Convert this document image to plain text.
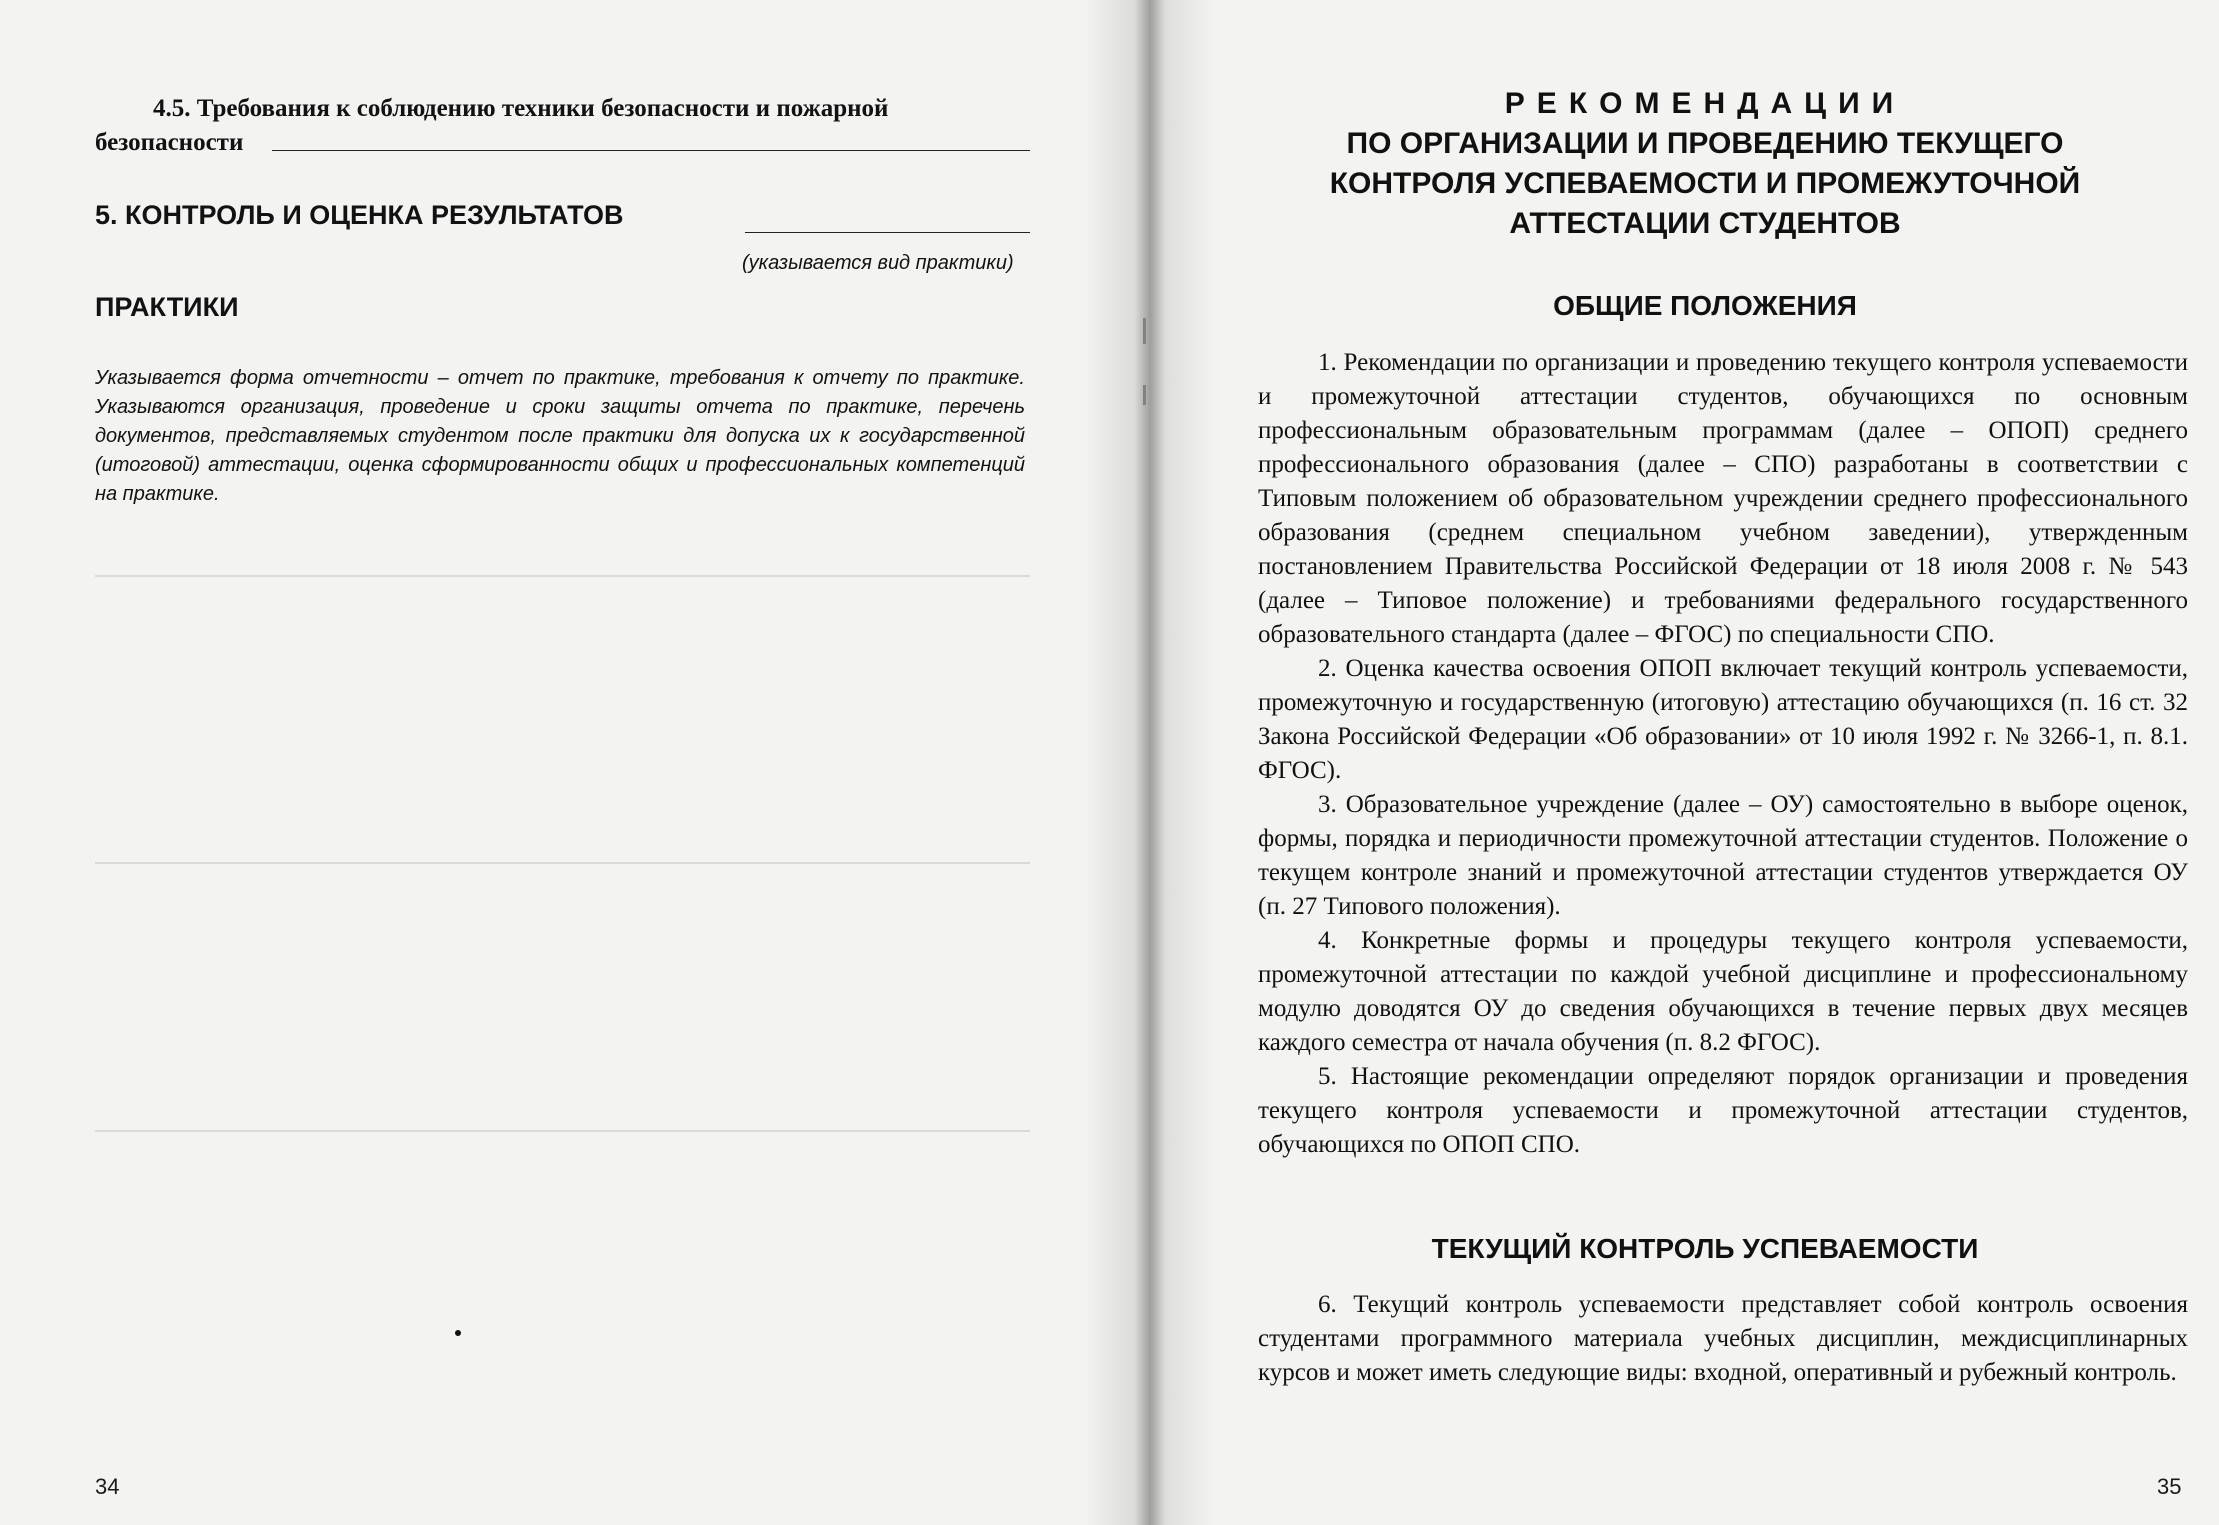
4.5. Требования к соблюдению техники безопасности и пожарной
безопасности
5. КОНТРОЛЬ И ОЦЕНКА РЕЗУЛЬТАТОВ
(указывается вид практики)
ПРАКТИКИ
Указывается форма отчетности – отчет по практике, требования к отчету по практике. Указываются организация, проведение и сроки защиты отчета по практике, перечень документов, представляемых студентом после практики для допуска их к государственной (итоговой) аттестации, оценка сформированности общих и профессиональных компетенций на практике.
34
РЕКОМЕНДАЦИИ
ПО ОРГАНИЗАЦИИ И ПРОВЕДЕНИЮ ТЕКУЩЕГО
КОНТРОЛЯ УСПЕВАЕМОСТИ И ПРОМЕЖУТОЧНОЙ
АТТЕСТАЦИИ СТУДЕНТОВ
ОБЩИЕ ПОЛОЖЕНИЯ

1. Рекомендации по организации и проведению текущего контроля успеваемости и промежуточной аттестации студентов, обучающихся по основным профессиональным образовательным программам (далее – ОПОП) среднего профессионального образования (далее – СПО) разработаны в соответствии с Типовым положением об образовательном учреждении среднего профессионального образования (среднем специальном учебном заведении), утвержденным постановлением Правительства Российской Федерации от 18 июля 2008 г. № 543 (далее – Типовое положение) и требованиями федерального государственного образовательного стандарта (далее – ФГОС) по специальности СПО.

2. Оценка качества освоения ОПОП включает текущий контроль успеваемости, промежуточную и государственную (итоговую) аттестацию обучающихся (п. 16 ст. 32 Закона Российской Федерации «Об образовании» от 10 июля 1992 г. № 3266-1, п. 8.1. ФГОС).

3. Образовательное учреждение (далее – ОУ) самостоятельно в выборе оценок, формы, порядка и периодичности промежуточной аттестации студентов. Положение о текущем контроле знаний и промежуточной аттестации студентов утверждается ОУ (п. 27 Типового положения).

4. Конкретные формы и процедуры текущего контроля успеваемости, промежуточной аттестации по каждой учебной дисциплине и профессиональному модулю доводятся ОУ до сведения обучающихся в течение первых двух месяцев каждого семестра от начала обучения (п. 8.2 ФГОС).

5. Настоящие рекомендации определяют порядок организации и проведения текущего контроля успеваемости и промежуточной аттестации студентов, обучающихся по ОПОП СПО.

ТЕКУЩИЙ КОНТРОЛЬ УСПЕВАЕМОСТИ

6. Текущий контроль успеваемости представляет собой контроль освоения студентами программного материала учебных дисциплин, междисциплинарных курсов и может иметь следующие виды: входной, оперативный и рубежный контроль.

35
